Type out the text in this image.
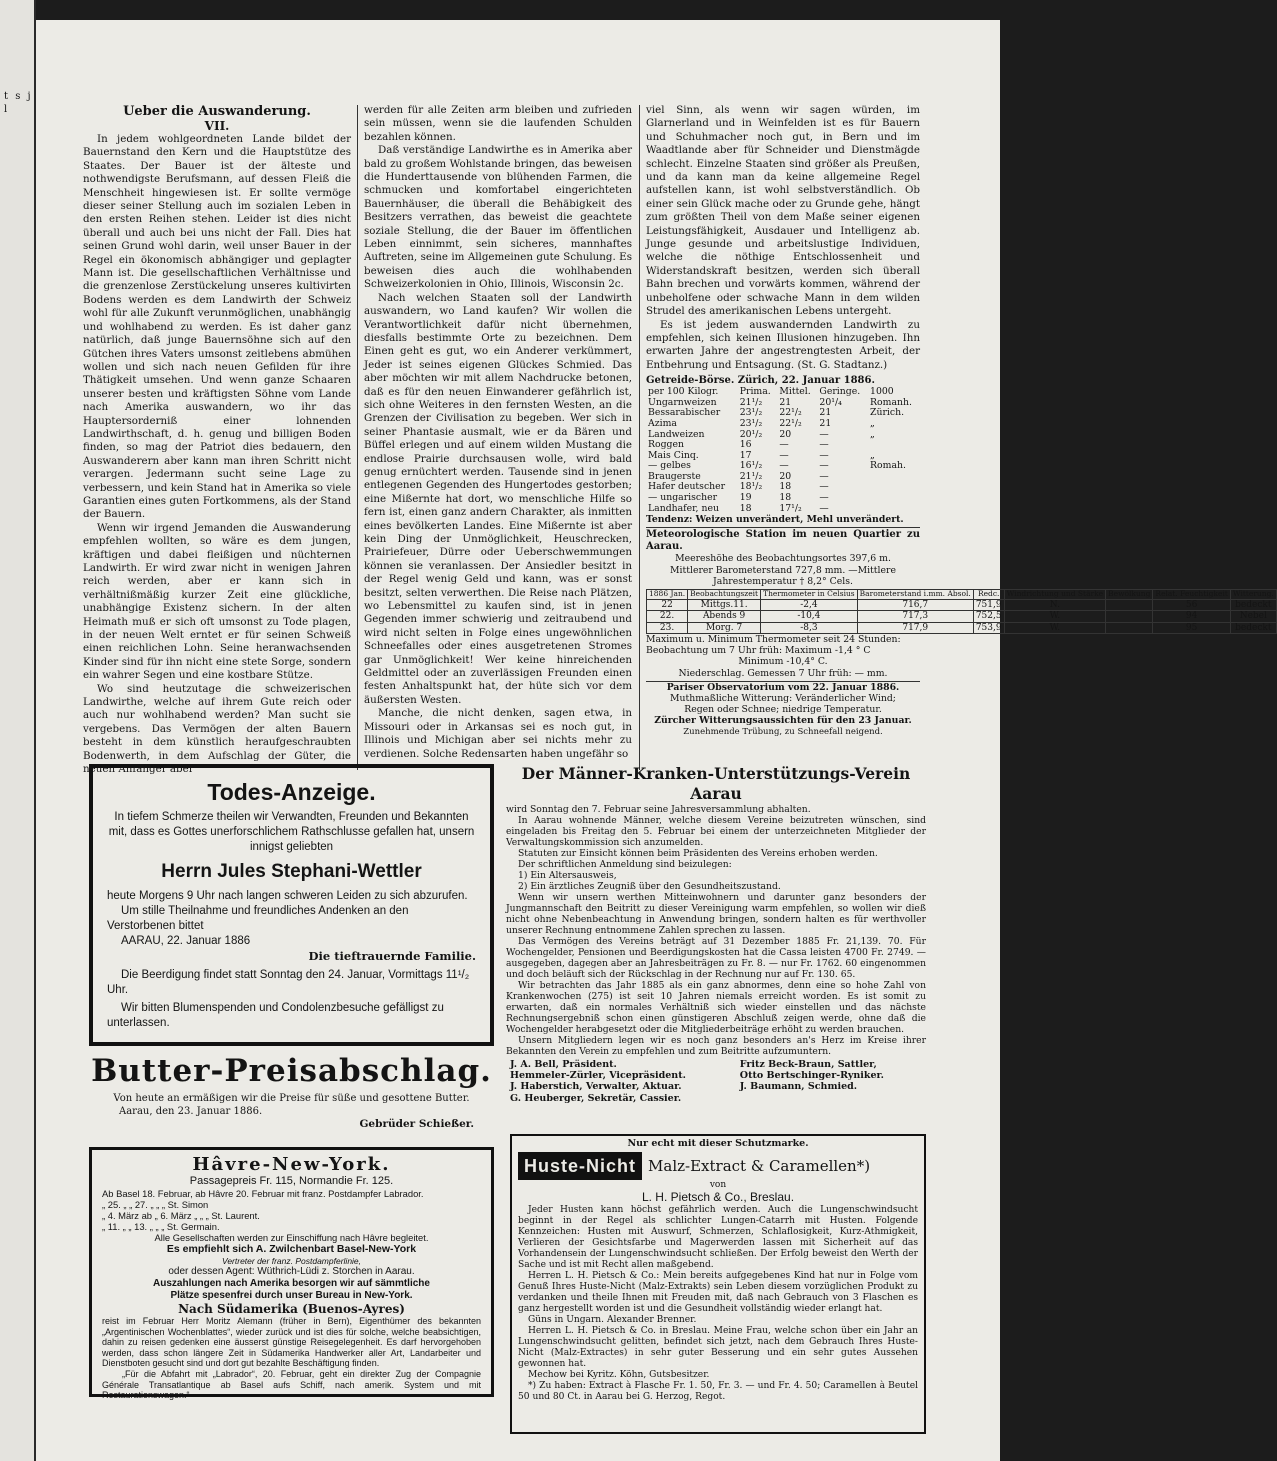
t s j l	Ueber die Auswanderung.

VII.

In jedem wohlgeordneten Lande bildet der Bauernstand den Kern und die Hauptstütze des Staates. Der Bauer ist der älteste und nothwendigste Berufsmann, auf dessen Fleiß die Menschheit hingewiesen ist. Er sollte vermöge dieser seiner Stellung auch im sozialen Leben in den ersten Reihen stehen. Leider ist dies nicht überall und auch bei uns nicht der Fall. Dies hat seinen Grund wohl darin, weil unser Bauer in der Regel ein ökonomisch abhängiger und geplagter Mann ist. Die gesellschaftlichen Verhältnisse und die grenzenlose Zerstückelung unseres kultivirten Bodens werden es dem Landwirth der Schweiz wohl für alle Zukunft verunmöglichen, unabhängig und wohlhabend zu werden. Es ist daher ganz natürlich, daß junge Bauernsöhne sich auf den Gütchen ihres Vaters umsonst zeitlebens abmühen wollen und sich nach neuen Gefilden für ihre Thätigkeit umsehen. Und wenn ganze Schaaren unserer besten und kräftigsten Söhne vom Lande nach Amerika auswandern, wo ihr das Hauptersorderniß einer lohnenden Landwirthschaft, d. h. genug und billigen Boden finden, so mag der Patriot dies bedauern, den Auswanderern aber kann man ihren Schritt nicht verargen. Jedermann sucht seine Lage zu verbessern, und kein Stand hat in Amerika so viele Garantien eines guten Fortkommens, als der Stand der Bauern.

Wenn wir irgend Jemanden die Auswanderung empfehlen wollten, so wäre es dem jungen, kräftigen und dabei fleißigen und nüchternen Landwirth. Er wird zwar nicht in wenigen Jahren reich werden, aber er kann sich in verhältnißmäßig kurzer Zeit eine glückliche, unabhängige Existenz sichern. In der alten Heimath muß er sich oft umsonst zu Tode plagen, in der neuen Welt erntet er für seinen Schweiß einen reichlichen Lohn. Seine heranwachsenden Kinder sind für ihn nicht eine stete Sorge, sondern ein wahrer Segen und eine kostbare Stütze.

Wo sind heutzutage die schweizerischen Landwirthe, welche auf ihrem Gute reich oder auch nur wohlhabend werden? Man sucht sie vergebens. Das Vermögen der alten Bauern besteht in dem künstlich heraufgeschraubten Bodenwerth, in dem Aufschlag der Güter, die neuen Anfänger aber

werden für alle Zeiten arm bleiben und zufrieden sein müssen, wenn sie die laufenden Schulden bezahlen können.

Daß verständige Landwirthe es in Amerika aber bald zu großem Wohlstande bringen, das beweisen die Hunderttausende von blühenden Farmen, die schmucken und komfortabel eingerichteten Bauernhäuser, die überall die Behäbigkeit des Besitzers verrathen, das beweist die geachtete soziale Stellung, die der Bauer im öffentlichen Leben einnimmt, sein sicheres, mannhaftes Auftreten, seine im Allgemeinen gute Schulung. Es beweisen dies auch die wohlhabenden Schweizerkolonien in Ohio, Illinois, Wisconsin 2c.

Nach welchen Staaten soll der Landwirth auswandern, wo Land kaufen? Wir wollen die Verantwortlichkeit dafür nicht übernehmen, diesfalls bestimmte Orte zu bezeichnen. Dem Einen geht es gut, wo ein Anderer verkümmert, Jeder ist seines eigenen Glückes Schmied. Das aber möchten wir mit allem Nachdrucke betonen, daß es für den neuen Einwanderer gefährlich ist, sich ohne Weiteres in den fernsten Westen, an die Grenzen der Civilisation zu begeben. Wer sich in seiner Phantasie ausmalt, wie er da Bären und Büffel erlegen und auf einem wilden Mustang die endlose Prairie durchsausen wolle, wird bald genug ernüchtert werden. Tausende sind in jenen entlegenen Gegenden des Hungertodes gestorben; eine Mißernte hat dort, wo menschliche Hilfe so fern ist, einen ganz andern Charakter, als inmitten eines bevölkerten Landes. Eine Mißernte ist aber kein Ding der Unmöglichkeit, Heuschrecken, Prairiefeuer, Dürre oder Ueberschwemmungen können sie veranlassen. Der Ansiedler besitzt in der Regel wenig Geld und kann, was er sonst besitzt, selten verwerthen. Die Reise nach Plätzen, wo Lebensmittel zu kaufen sind, ist in jenen Gegenden immer schwierig und zeitraubend und wird nicht selten in Folge eines ungewöhnlichen Schneefalles oder eines ausgetretenen Stromes gar Unmöglichkeit! Wer keine hinreichenden Geldmittel oder an zuverlässigen Freunden einen festen Anhaltspunkt hat, der hüte sich vor dem äußersten Westen.

Manche, die nicht denken, sagen etwa, in Missouri oder in Arkansas sei es noch gut, in Illinois und Michigan aber sei nichts mehr zu verdienen. Solche Redensarten haben ungefähr so

viel Sinn, als wenn wir sagen würden, im Glarnerland und in Weinfelden ist es für Bauern und Schuhmacher noch gut, in Bern und im Waadtlande aber für Schneider und Dienstmägde schlecht. Einzelne Staaten sind größer als Preußen, und da kann man da keine allgemeine Regel aufstellen kann, ist wohl selbstverständlich. Ob einer sein Glück mache oder zu Grunde gehe, hängt zum größten Theil von dem Maße seiner eigenen Leistungsfähigkeit, Ausdauer und Intelligenz ab. Junge gesunde und arbeitslustige Individuen, welche die nöthige Entschlossenheit und Widerstandskraft besitzen, werden sich überall Bahn brechen und vorwärts kommen, während der unbeholfene oder schwache Mann in dem wilden Strudel des amerikanischen Lebens untergeht.

Es ist jedem auswandernden Landwirth zu empfehlen, sich keinen Illusionen hinzugeben. Ihn erwarten Jahre der angestrengtesten Arbeit, der Entbehrung und Entsagung. (St. G. Stadtanz.)

Getreide-Börse. Zürich, 22. Januar 1886.
per 100 Kilogr.	Prima.	Mittel.	Geringe.	1000
Ungarnweizen	21¹/₂	21	20¹/₄	Romanh.
Bessarabischer	23¹/₂	22¹/₂	21	Zürich.
Azima	23¹/₂	22¹/₂	21	„
Landweizen	20¹/₂	20	—	„
Roggen	16	—	—	
Mais Cinq.	17	—	—	„
— gelbes	16¹/₂	—	—	Romah.
Braugerste	21¹/₂	20	—	
Hafer deutscher	18¹/₂	18	—	
— ungarischer	19	18	—	
Landhafer, neu	18	17¹/₂	—	
Tendenz: Weizen unverändert, Mehl unverändert.
Meteorologische Station im neuen Quartier zu Aarau.
Meereshöhe des Beobachtungsortes 397,6 m.
Mittlerer Barometerstand 727,8 mm. —Mittlere
Jahrestemperatur † 8,2° Cels.
1886 Jan.	Beobachtungszeit	Thermometer in Celsius	Barometerstand i.mm. Absol.	Redc.	Windrichtung und Stärke	Bewölkung	Relat. Feuchtigkeit	Witterung.
22	Mittgs.11.	-2,4	716,7	751,9	N.		56	bedeckt
22.	Abends 9	-10,4	717,3	752,5	W.		94	Nebel
23.	Morg. 7	-8,3	717,9	753,9	W.		95	bedeckt
Maximum u. Minimum Thermometer seit 24 Stunden:
Beobachtung um 7 Uhr früh: Maximum -1,4 ° C
Minimum -10,4° C.
Niederschlag. Gemessen 7 Uhr früh: — mm.
Pariser Observatorium vom 22. Januar 1886.
Muthmaßliche Witterung: Veränderlicher Wind;
Regen oder Schnee; niedrige Temperatur.
Zürcher Witterungsaussichten für den 23 Januar.
Zunehmende Trübung, zu Schneefall neigend.
Todes-Anzeige.
In tiefem Schmerze theilen wir Verwandten, Freunden und Bekannten mit, dass es Gottes unerforschlichem Rathschlusse gefallen hat, unsern innigst geliebten
Herrn Jules Stephani-Wettler
heute Morgens 9 Uhr nach langen schweren Leiden zu sich abzurufen.
Um stille Theilnahme und freundliches Andenken an den Verstorbenen bittet
AARAU, 22. Januar 1886
Die tieftrauernde Familie.
Die Beerdigung findet statt Sonntag den 24. Januar, Vormittags 11¹/₂ Uhr.
Wir bitten Blumenspenden und Condolenzbesuche gefälligst zu unterlassen.
Butter-Preisabschlag.
Von heute an ermäßigen wir die Preise für süße und gesottene Butter.
Aarau, den 23. Januar 1886.
Gebrüder Schießer.
Hâvre-New-York.
Passagepreis Fr. 115, Normandie Fr. 125.
Ab Basel 18. Februar, ab Hâvre 20. Februar mit franz. Postdampfer Labrador.
„ 25. „ „ 27. „ „ „ St. Simon
„ 4. März ab „ 6. März „ „ „ St. Laurent.
„ 11. „ „ 13. „ „ „ St. Germain.
Alle Gesellschaften werden zur Einschiffung nach Hâvre begleitet.
Es empfiehlt sich A. Zwilchenbart Basel-New-York
Vertreter der franz. Postdampferlinie,
oder dessen Agent: Wüthrich-Lüdi z. Storchen in Aarau.
Auszahlungen nach Amerika besorgen wir auf sämmtliche
Plätze spesenfrei durch unser Bureau in New-York.
Nach Südamerika (Buenos-Ayres)
reist im Februar Herr Moritz Alemann (früher in Bern), Eigenthümer des bekannten „Argentinischen Wochenblattes“, wieder zurück und ist dies für solche, welche beabsichtigen, dahin zu reisen gedenken eine äusserst günstige Reisegelegenheit. Es darf hervorgehoben werden, dass schon längere Zeit in Südamerika Handwerker aller Art, Landarbeiter und Dienstboten gesucht sind und dort gut bezahlte Beschäftigung finden.
„Für die Abfahrt mit „Labrador“, 20. Februar, geht ein direkter Zug der Compagnie Générale Transatlantique ab Basel aufs Schiff, nach amerik. System und mit Restaurationswagen.“
Der Männer-Kranken-Unterstützungs-Verein Aarau
wird Sonntag den 7. Februar seine Jahresversammlung abhalten.
In Aarau wohnende Männer, welche diesem Vereine beizutreten wünschen, sind eingeladen bis Freitag den 5. Februar bei einem der unterzeichneten Mitglieder der Verwaltungskommission sich anzumelden.
Statuten zur Einsicht können beim Präsidenten des Vereins erhoben werden.
Der schriftlichen Anmeldung sind beizulegen:
1) Ein Altersausweis,
2) Ein ärztliches Zeugniß über den Gesundheitszustand.
Wenn wir unsern werthen Mitteinwohnern und darunter ganz besonders der Jungmannschaft den Beitritt zu dieser Vereinigung warm empfehlen, so wollen wir dieß nicht ohne Nebenbeachtung in Anwendung bringen, sondern halten es für werthvoller unserer Rechnung entnommene Zahlen sprechen zu lassen.
Das Vermögen des Vereins beträgt auf 31 Dezember 1885 Fr. 21,139. 70. Für Wochengelder, Pensionen und Beerdigungskosten hat die Cassa leisten 4700 Fr. 2749. — ausgegeben, dagegen aber an Jahresbeiträgen zu Fr. 8. — nur Fr. 1762. 60 eingenommen und doch beläuft sich der Rückschlag in der Rechnung nur auf Fr. 130. 65.
Wir betrachten das Jahr 1885 als ein ganz abnormes, denn eine so hohe Zahl von Krankenwochen (275) ist seit 10 Jahren niemals erreicht worden. Es ist somit zu erwarten, daß ein normales Verhältniß sich wieder einstellen und das nächste Rechnungsergebniß schon einen günstigeren Abschluß zeigen werde, ohne daß die Wochengelder herabgesetzt oder die Mitgliederbeiträge erhöht zu werden brauchen.
Unsern Mitgliedern legen wir es noch ganz besonders an's Herz im Kreise ihrer Bekannten den Verein zu empfehlen und zum Beitritte aufzumuntern.
J. A. Bell, Präsident.	Fritz Beck-Braun, Sattler,
Hemmeler-Zürler, Vicepräsident.	Otto Bertschinger-Ryniker.
J. Haberstich, Verwalter, Aktuar.	J. Baumann, Schmied.
G. Heuberger, Sekretär, Cassier.	
Nur echt mit dieser Schutzmarke.
Huste-Nicht Malz-Extract & Caramellen*)
von
L. H. Pietsch & Co., Breslau.
Jeder Husten kann höchst gefährlich werden. Auch die Lungenschwindsucht beginnt in der Regel als schlichter Lungen-Catarrh mit Husten. Folgende Kennzeichen: Husten mit Auswurf, Schmerzen, Schlaflosigkeit, Kurz-Athmigkeit, Verlieren der Gesichtsfarbe und Magerwerden lassen mit Sicherheit auf das Vorhandensein der Lungenschwindsucht schließen. Der Erfolg beweist den Werth der Sache und ist mit Recht allen maßgebend.
Herren L. H. Pietsch & Co.: Mein bereits aufgegebenes Kind hat nur in Folge vom Genuß Ihres Huste-Nicht (Malz-Extrakts) sein Leben diesem vorzüglichen Produkt zu verdanken und theile Ihnen mit Freuden mit, daß nach Gebrauch von 3 Flaschen es ganz hergestellt worden ist und die Gesundheit vollständig wieder erlangt hat.
Güns in Ungarn. Alexander Brenner.
Herren L. H. Pietsch & Co. in Breslau. Meine Frau, welche schon über ein Jahr an Lungenschwindsucht gelitten, befindet sich jetzt, nach dem Gebrauch Ihres Huste-Nicht (Malz-Extractes) in sehr guter Besserung und ein sehr gutes Aussehen gewonnen hat.
Mechow bei Kyritz. Köhn, Gutsbesitzer.
*) Zu haben: Extract à Flasche Fr. 1. 50, Fr. 3. — und Fr. 4. 50; Caramellen à Beutel 50 und 80 Ct. in Aarau bei G. Herzog, Regot.
